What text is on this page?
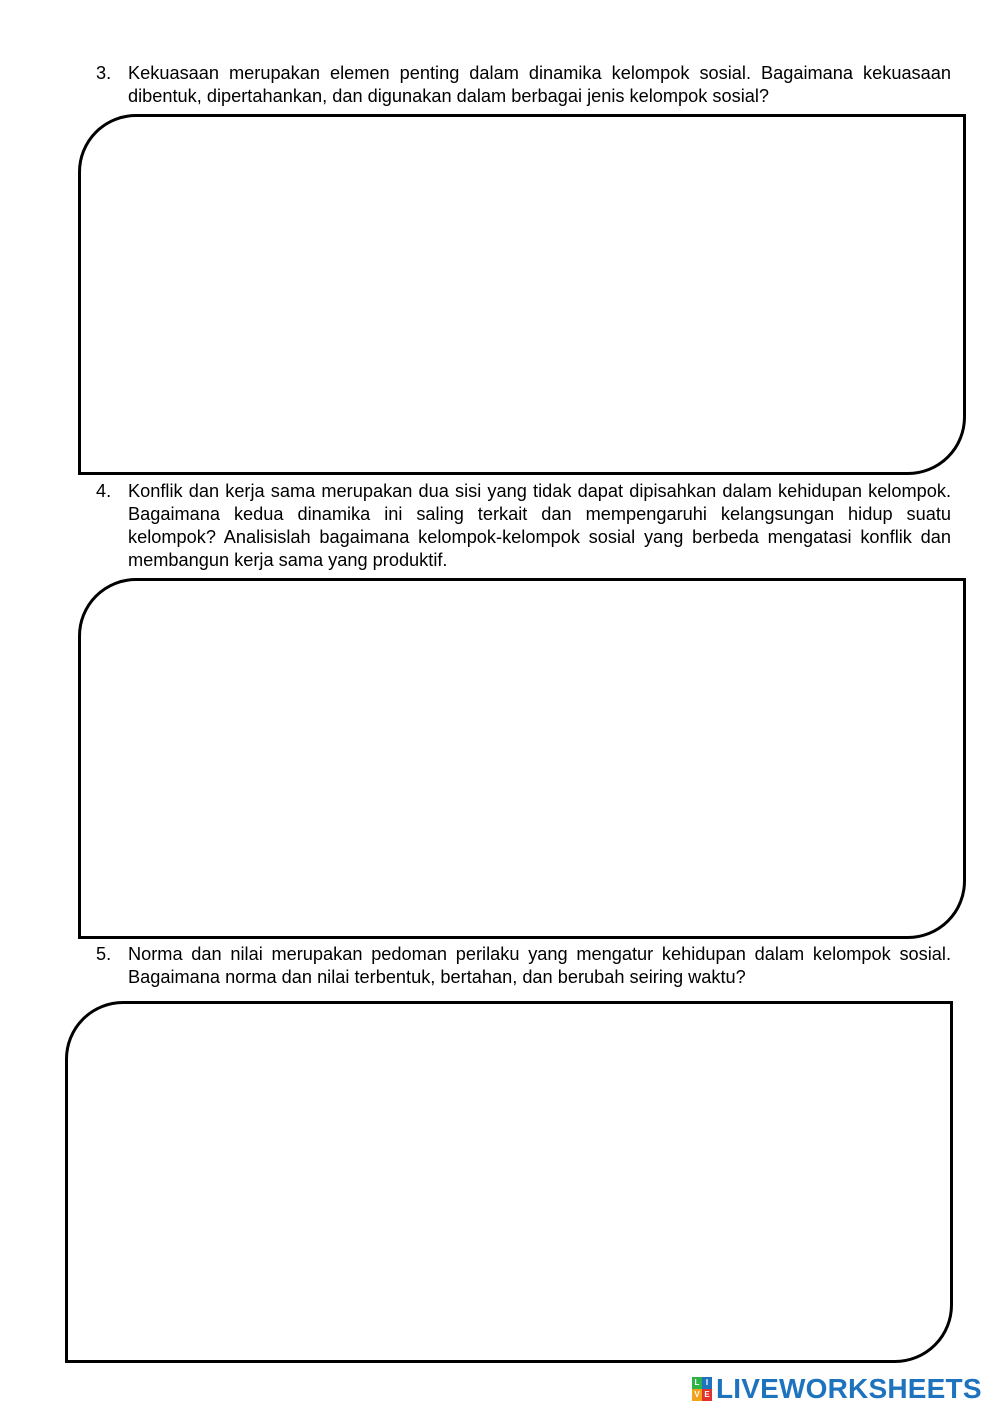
3. Kekuasaan merupakan elemen penting dalam dinamika kelompok sosial. Bagaimana kekuasaan dibentuk, dipertahankan, dan digunakan dalam berbagai jenis kelompok sosial?
4. Konflik dan kerja sama merupakan dua sisi yang tidak dapat dipisahkan dalam kehidupan kelompok. Bagaimana kedua dinamika ini saling terkait dan mempengaruhi kelangsungan hidup suatu kelompok? Analisislah bagaimana kelompok-kelompok sosial yang berbeda mengatasi konflik dan membangun kerja sama yang produktif.
5. Norma dan nilai merupakan pedoman perilaku yang mengatur kehidupan dalam kelompok sosial. Bagaimana norma dan nilai terbentuk, bertahan, dan berubah seiring waktu?
L I
V E LIVEWORKSHEETS
